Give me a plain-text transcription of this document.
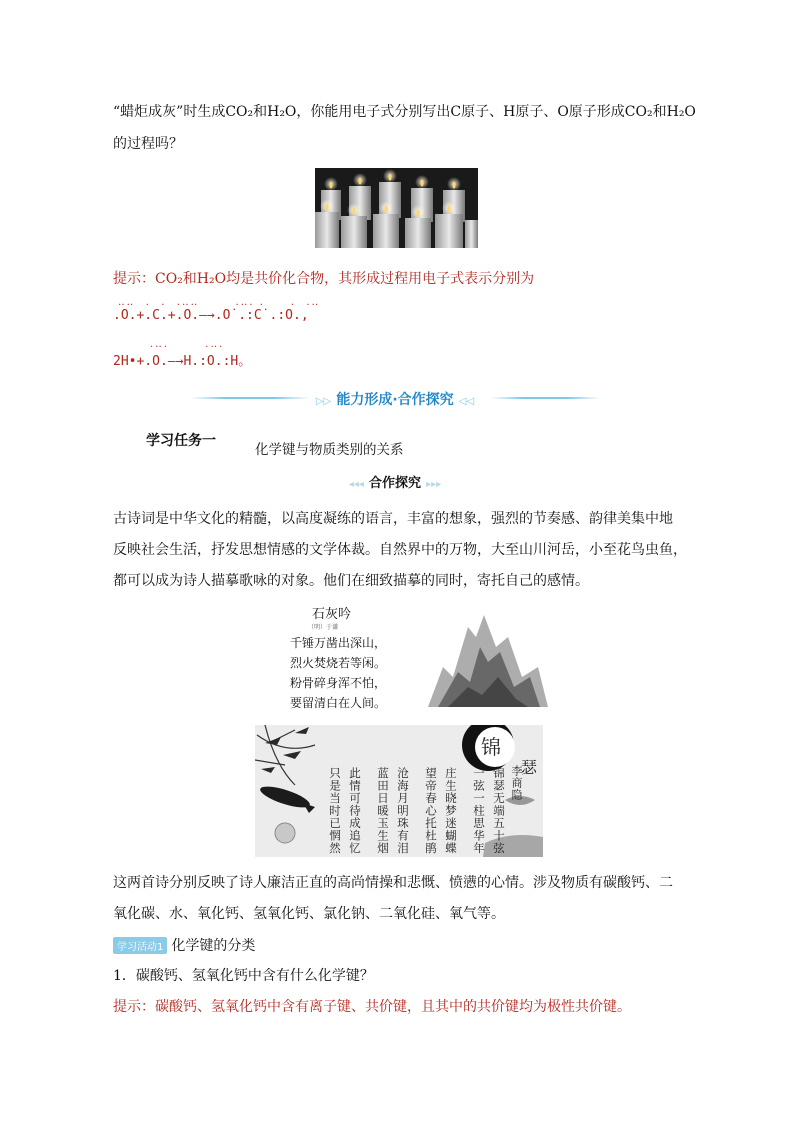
“蜡炬成灰”时生成CO₂和H₂O，你能用电子式分别写出C原子、H原子、O原子形成CO₂和H₂O
的过程吗？
提示：CO₂和H₂O均是共价化合物，其形成过程用电子式表示分别为
‥‥  .  .  .‥‥       .‥. .     .  .‥
.O.+.C.+.O.—→.O˙.:C˙.:O.,
.‥.       .‥.
2H•+.O.—→H.:O.:H。
▷▷ 能力形成·合作探究 ◁◁
学习任务一
化学键与物质类别的关系
◂◂◂ 合作探究 ▸▸▸
古诗词是中华文化的精髓，以高度凝练的语言，丰富的想象，强烈的节奏感、韵律美集中地
反映社会生活，抒发思想情感的文学体裁。自然界中的万物，大至山川河岳，小至花鸟虫鱼，
都可以成为诗人描摹歌咏的对象。他们在细致描摹的同时，寄托自己的感情。
石灰吟
（明）于谦
千锤万凿出深山，
烈火焚烧若等闲。
粉骨碎身浑不怕，
要留清白在人间。
锦
瑟
李商隐
锦瑟无端五十弦
一弦一柱思华年
庄生晓梦迷蝴蝶
望帝春心托杜鹃
沧海月明珠有泪
蓝田日暖玉生烟
此情可待成追忆
只是当时已惘然
这两首诗分别反映了诗人廉洁正直的高尚情操和悲慨、愤懑的心情。涉及物质有碳酸钙、二
氧化碳、水、氧化钙、氢氧化钙、氯化钠、二氧化硅、氧气等。
学习活动1 化学键的分类
1．碳酸钙、氢氧化钙中含有什么化学键？
提示：碳酸钙、氢氧化钙中含有离子键、共价键，且其中的共价键均为极性共价键。
